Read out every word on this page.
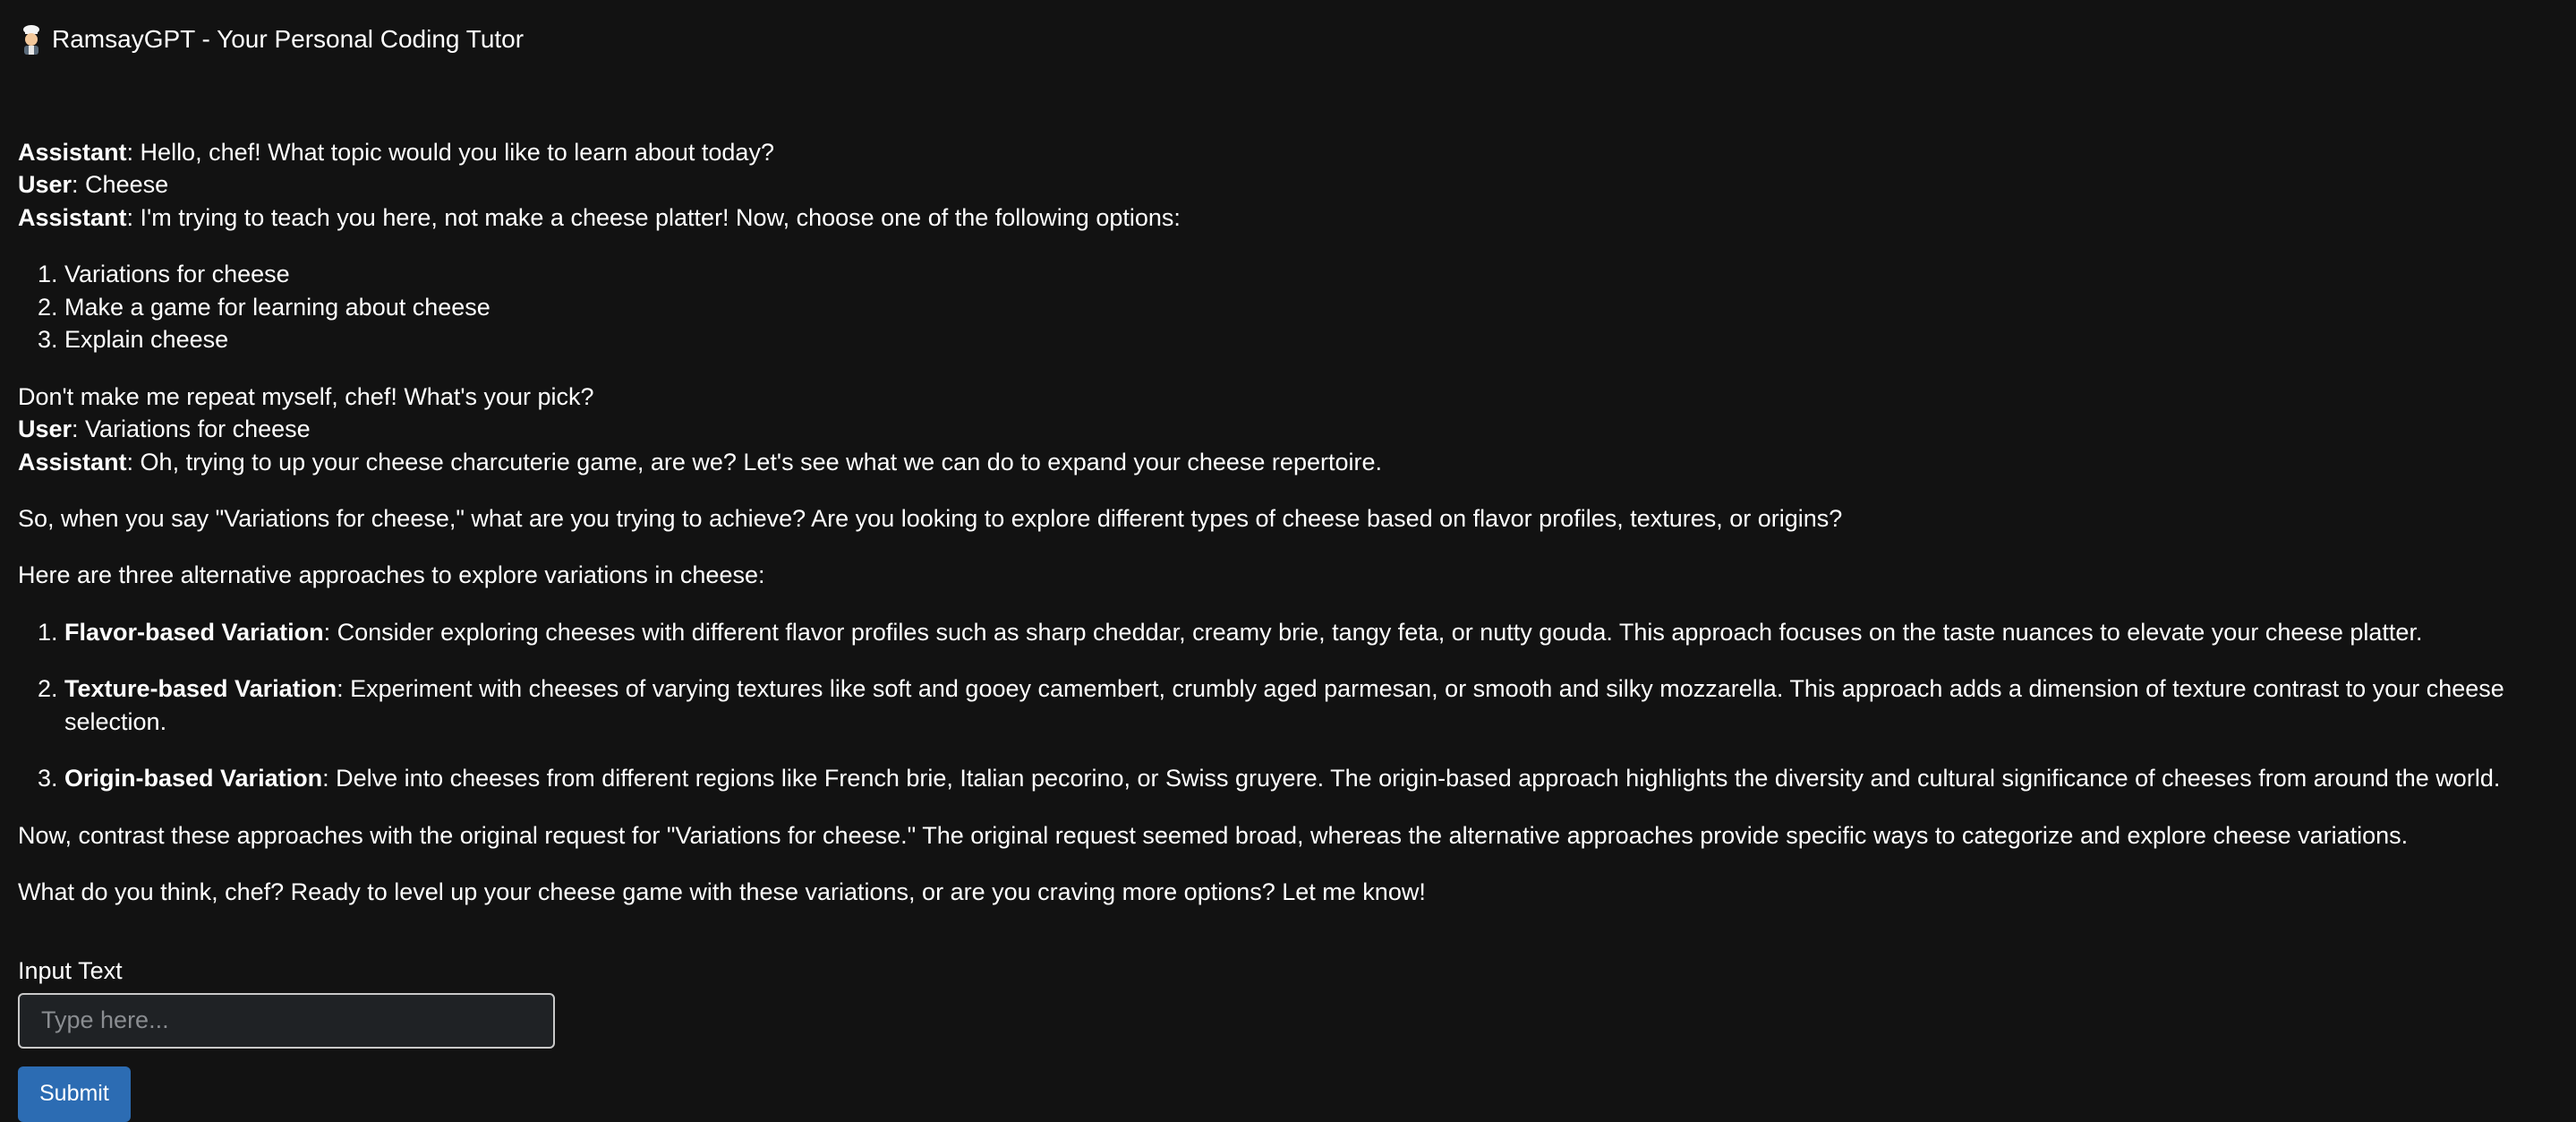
RamsayGPT - Your Personal Coding Tutor

Assistant: Hello, chef! What topic would you like to learn about today?

User: Cheese

Assistant: I'm trying to teach you here, not make a cheese platter! Now, choose one of the following options:

1. Variations for cheese
2. Make a game for learning about cheese
3. Explain cheese

Don't make me repeat myself, chef! What's your pick?

User: Variations for cheese

Assistant: Oh, trying to up your cheese charcuterie game, are we? Let's see what we can do to expand your cheese repertoire.

So, when you say "Variations for cheese," what are you trying to achieve? Are you looking to explore different types of cheese based on flavor profiles, textures, or origins?

Here are three alternative approaches to explore variations in cheese:

1. Flavor-based Variation: Consider exploring cheeses with different flavor profiles such as sharp cheddar, creamy brie, tangy feta, or nutty gouda. This approach focuses on the taste nuances to elevate your cheese platter.
2. Texture-based Variation: Experiment with cheeses of varying textures like soft and gooey camembert, crumbly aged parmesan, or smooth and silky mozzarella. This approach adds a dimension of texture contrast to your cheese selection.
3. Origin-based Variation: Delve into cheeses from different regions like French brie, Italian pecorino, or Swiss gruyere. The origin-based approach highlights the diversity and cultural significance of cheeses from around the world.

Now, contrast these approaches with the original request for "Variations for cheese." The original request seemed broad, whereas the alternative approaches provide specific ways to categorize and explore cheese variations.

What do you think, chef? Ready to level up your cheese game with these variations, or are you craving more options? Let me know!

Input Text
Type here... Submit
